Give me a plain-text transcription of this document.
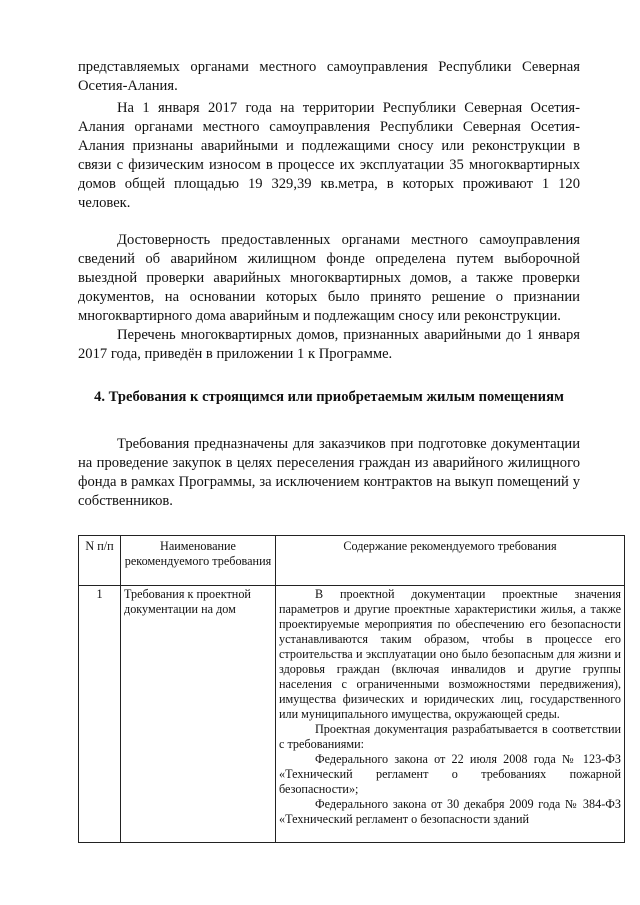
представляемых органами местного самоуправления Республики Северная Осетия-Алания.

На 1 января 2017 года на территории Республики Северная Осетия-Алания органами местного самоуправления Республики Северная Осетия-Алания признаны аварийными и подлежащими сносу или реконструкции в связи с физическим износом в процессе их эксплуатации 35 многоквартирных домов общей площадью 19 329,39 кв.метра, в которых проживают 1 120 человек.

Достоверность предоставленных органами местного самоуправления сведений об аварийном жилищном фонде определена путем выборочной выездной проверки аварийных многоквартирных домов, а также проверки документов, на основании которых было принято решение о признании многоквартирного дома аварийным и подлежащим сносу или реконструкции.

Перечень многоквартирных домов, признанных аварийными до 1 января 2017 года, приведён в приложении 1 к Программе.

4. Требования к строящимся или приобретаемым жилым помещениям

Требования предназначены для заказчиков при подготовке документации на проведение закупок в целях переселения граждан из аварийного жилищного фонда в рамках Программы, за исключением контрактов на выкуп помещений у собственников.

N п/п	Наименование рекомендуемого требования	Содержание рекомендуемого требования
1	Требования к проектной документации на дом	В проектной документации проектные значения параметров и другие проектные характеристики жилья, а также проектируемые мероприятия по обеспечению его безопасности устанавливаются таким образом, чтобы в процессе его строительства и эксплуатации оно было безопасным для жизни и здоровья граждан (включая инвалидов и другие группы населения с ограниченными возможностями передвижения), имущества физических и юридических лиц, государственного или муниципального имущества, окружающей среды.

Проектная документация разрабатывается в соответствии с требованиями:

Федерального закона от 22 июля 2008 года № 123-ФЗ «Технический регламент о требованиях пожарной безопасности»;

Федерального закона от 30 декабря 2009 года № 384-ФЗ «Технический регламент о безопасности зданий
